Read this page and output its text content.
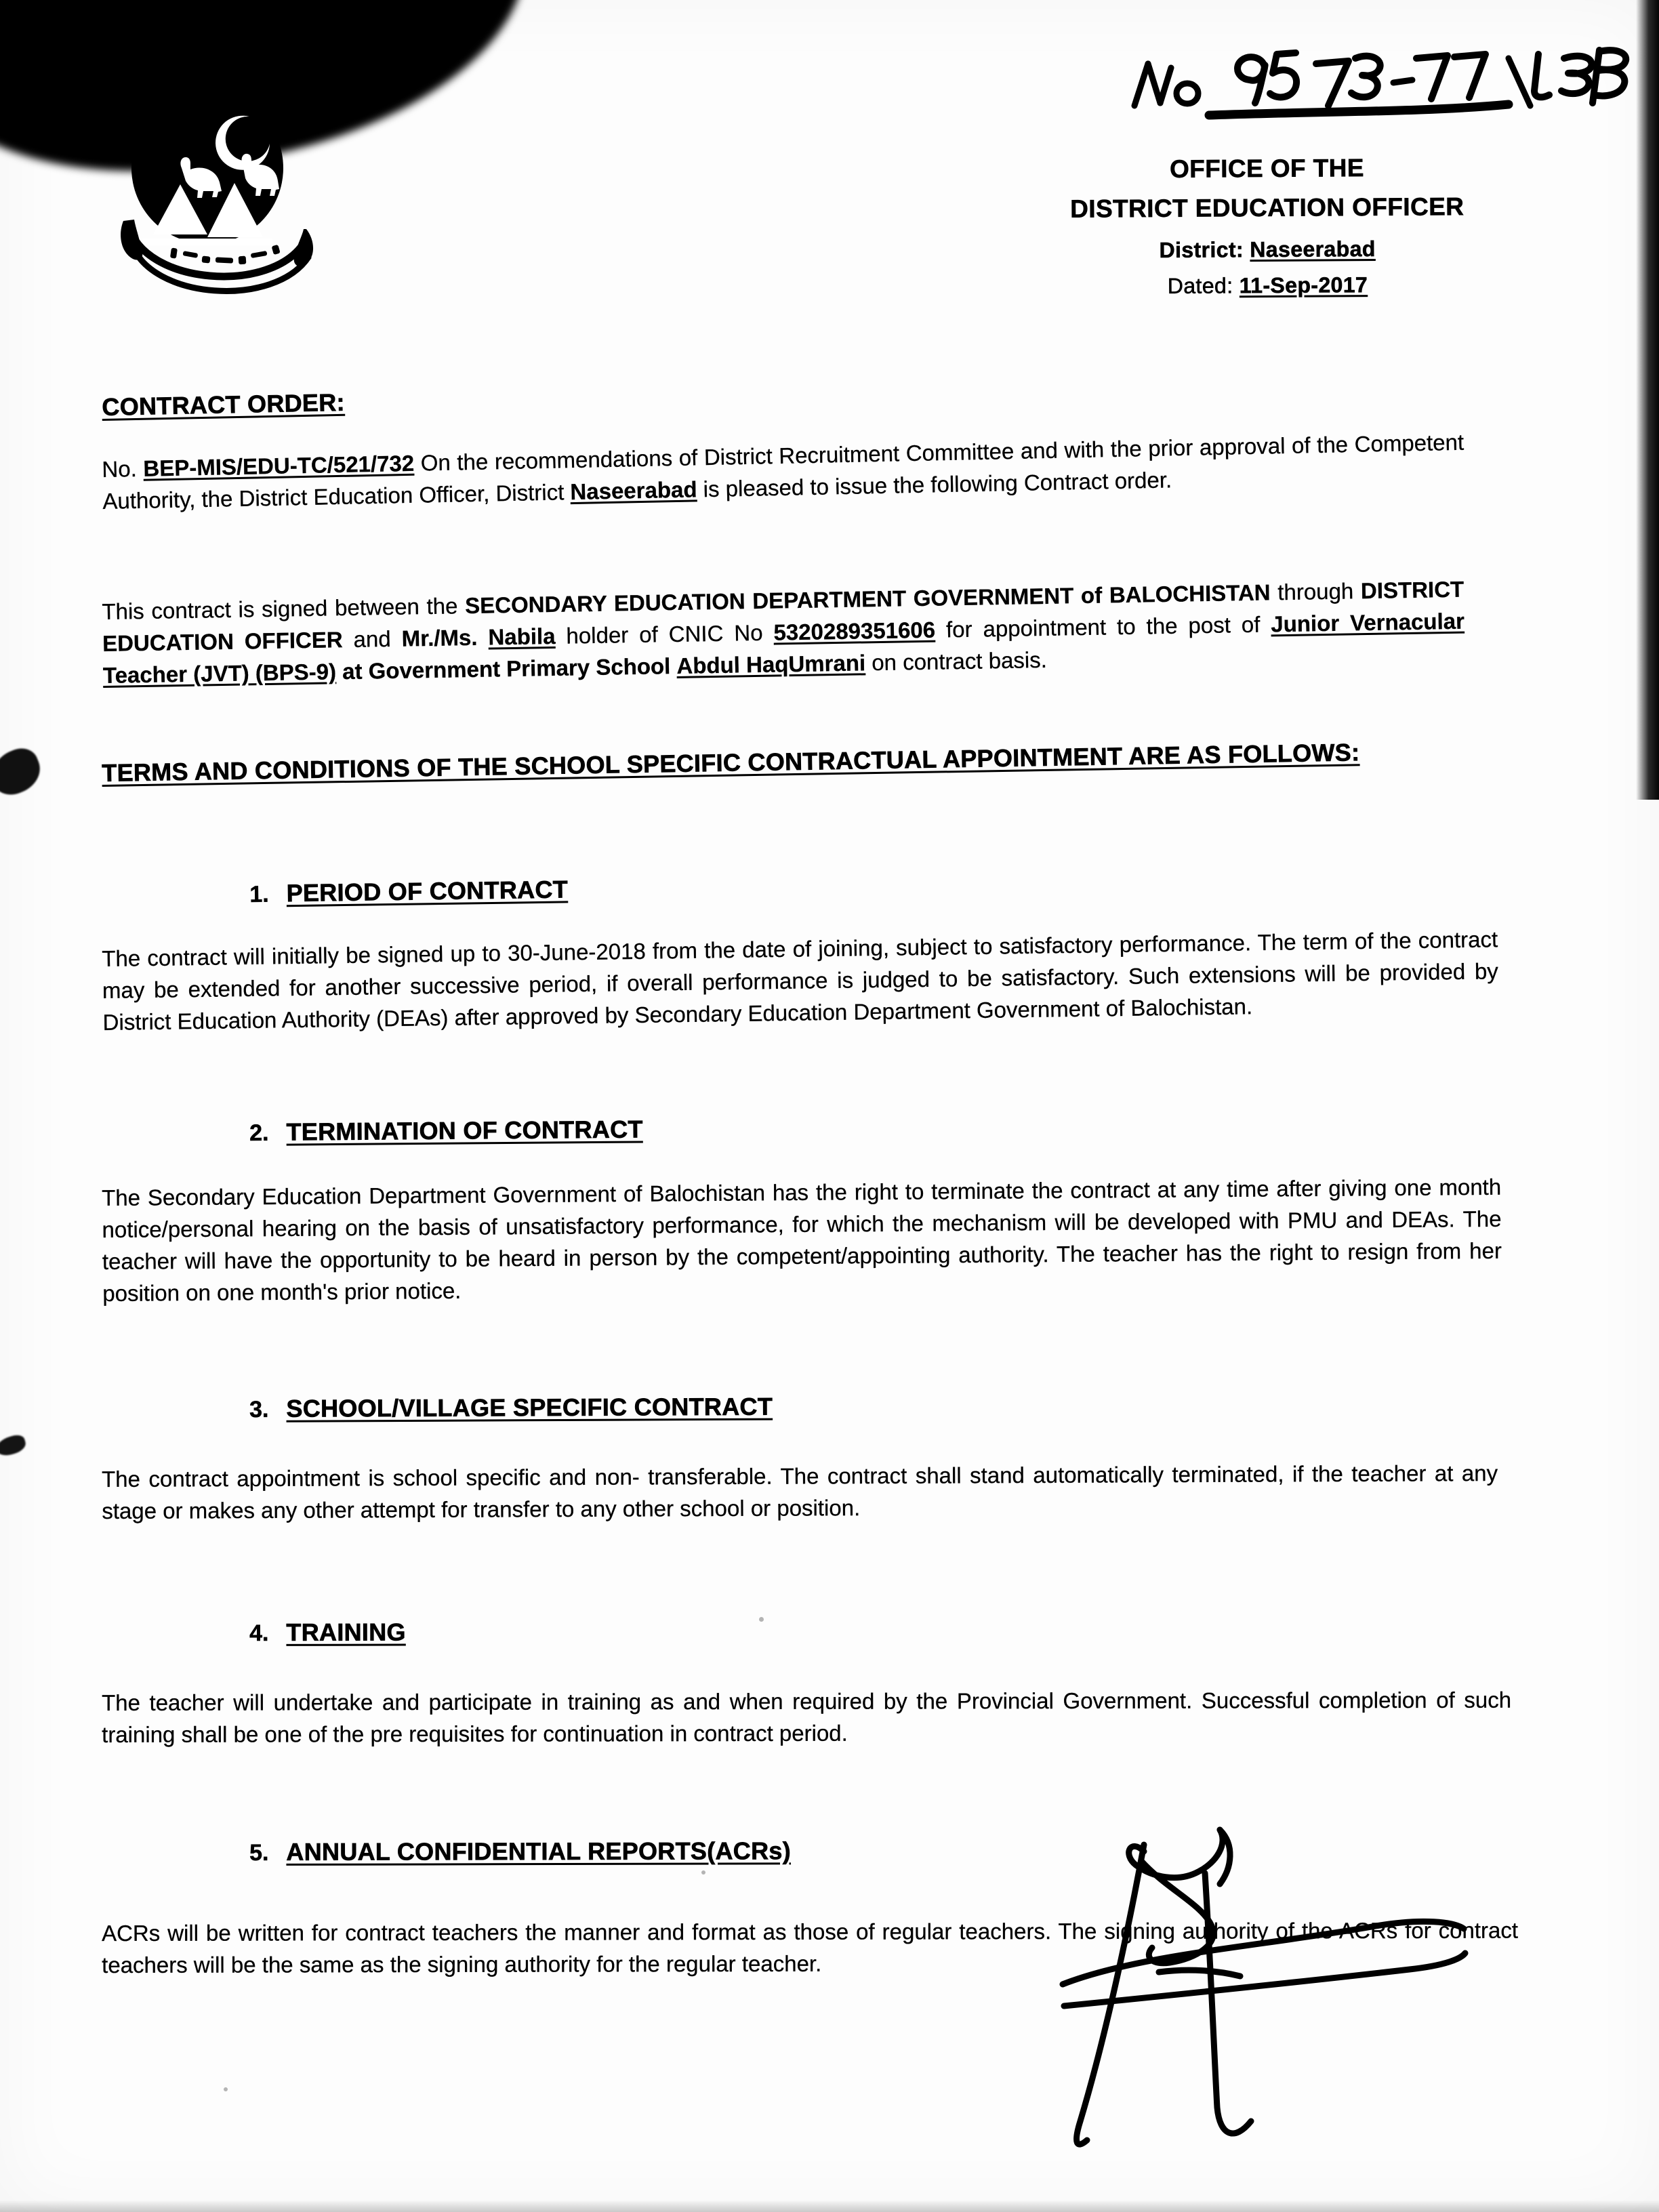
OFFICE OF THE
DISTRICT EDUCATION OFFICER
District: Naseerabad
Dated: 11-Sep-2017
CONTRACT ORDER:

No. BEP-MIS/EDU-TC/521/732 On the recommendations of District Recruitment Committee and with the prior approval of the Competent Authority, the District Education Officer, District Naseerabad is pleased to issue the following Contract order.

This contract is signed between the SECONDARY EDUCATION DEPARTMENT GOVERNMENT of BALOCHISTAN through DISTRICT EDUCATION OFFICER and Mr./Ms. Nabila holder of CNIC No 5320289351606 for appointment to the post of Junior Vernacular Teacher (JVT) (BPS-9) at Government Primary School Abdul HaqUmrani on contract basis.

TERMS AND CONDITIONS OF THE SCHOOL SPECIFIC CONTRACTUAL APPOINTMENT ARE AS FOLLOWS:
1. PERIOD OF CONTRACT

The contract will initially be signed up to 30-June-2018 from the date of joining, subject to satisfactory performance. The term of the contract may be extended for another successive period, if overall performance is judged to be satisfactory. Such extensions will be provided by District Education Authority (DEAs) after approved by Secondary Education Department Government of Balochistan.

2. TERMINATION OF CONTRACT

The Secondary Education Department Government of Balochistan has the right to terminate the contract at any time after giving one month notice/personal hearing on the basis of unsatisfactory performance, for which the mechanism will be developed with PMU and DEAs. The teacher will have the opportunity to be heard in person by the competent/appointing authority. The teacher has the right to resign from her position on one month's prior notice.

3. SCHOOL/VILLAGE SPECIFIC CONTRACT

The contract appointment is school specific and non- transferable. The contract shall stand automatically terminated, if the teacher at any stage or makes any other attempt for transfer to any other school or position.

4. TRAINING

The teacher will undertake and participate in training as and when required by the Provincial Government. Successful completion of such training shall be one of the pre requisites for continuation in contract period.

5. ANNUAL CONFIDENTIAL REPORTS(ACRs)

ACRs will be written for contract teachers the manner and format as those of regular teachers. The signing authority of the ACRs for contract teachers will be the same as the signing authority for the regular teacher.
